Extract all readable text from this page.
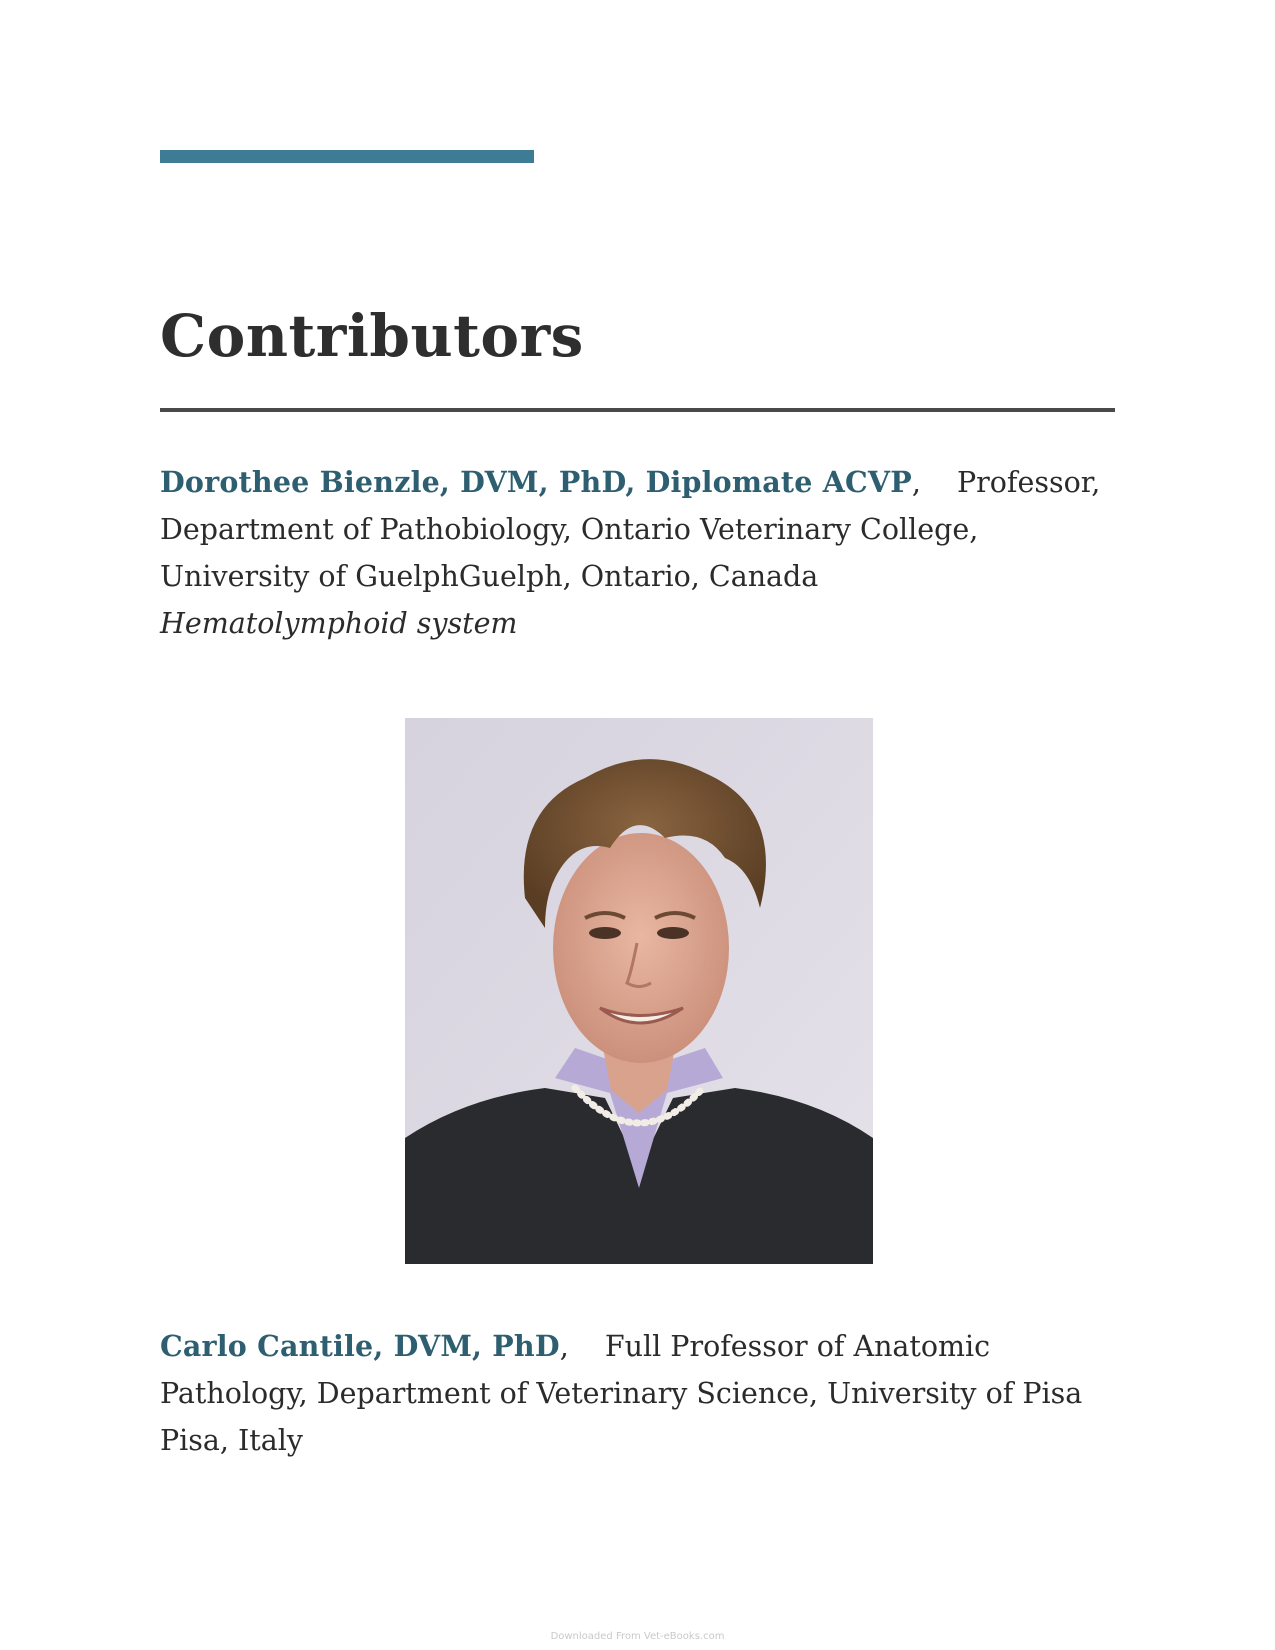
Contributors
Dorothee Bienzle, DVM, PhD, Diplomate ACVP, Professor, Department of Pathobiology, Ontario Veterinary College, University of GuelphGuelph, Ontario, Canada
Hematolymphoid system
Carlo Cantile, DVM, PhD, Full Professor of Anatomic Pathology, Department of Veterinary Science, University of Pisa Pisa, Italy
Downloaded From Vet-eBooks.com
